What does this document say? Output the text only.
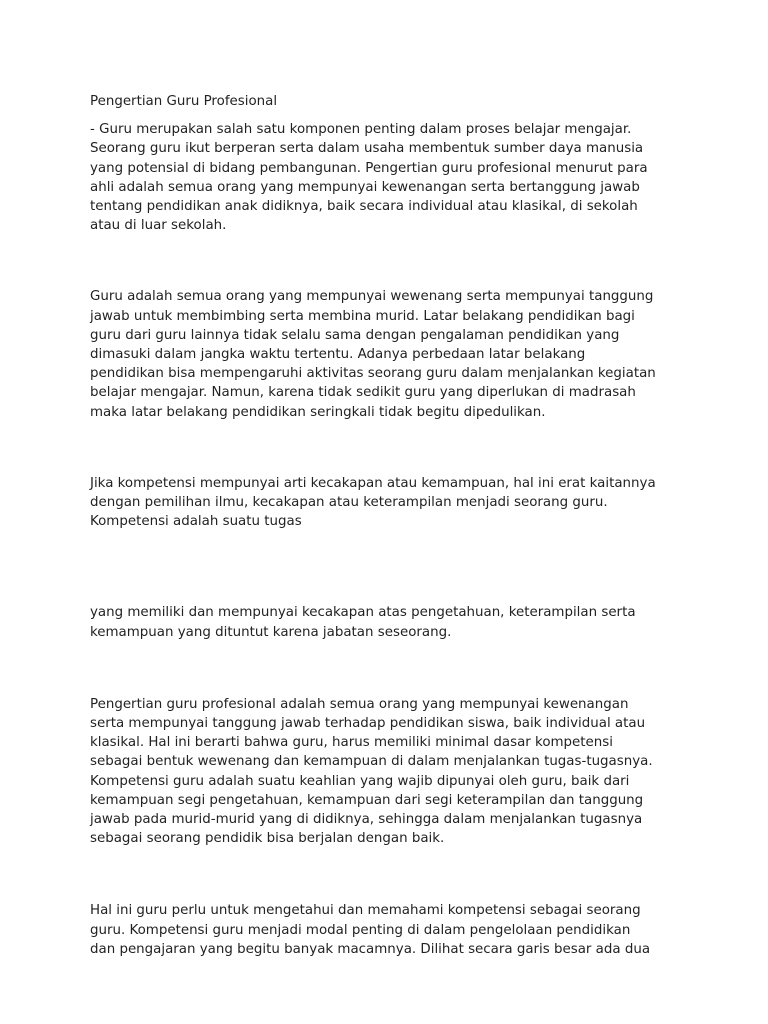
Pengertian Guru Profesional

- Guru merupakan salah satu komponen penting dalam proses belajar mengajar.
Seorang guru ikut berperan serta dalam usaha membentuk sumber daya manusia
yang potensial di bidang pembangunan. Pengertian guru profesional menurut para
ahli adalah semua orang yang mempunyai kewenangan serta bertanggung jawab
tentang pendidikan anak didiknya, baik secara individual atau klasikal, di sekolah
atau di luar sekolah.

Guru adalah semua orang yang mempunyai wewenang serta mempunyai tanggung
jawab untuk membimbing serta membina murid. Latar belakang pendidikan bagi
guru dari guru lainnya tidak selalu sama dengan pengalaman pendidikan yang
dimasuki dalam jangka waktu tertentu. Adanya perbedaan latar belakang
pendidikan bisa mempengaruhi aktivitas seorang guru dalam menjalankan kegiatan
belajar mengajar. Namun, karena tidak sedikit guru yang diperlukan di madrasah
maka latar belakang pendidikan seringkali tidak begitu dipedulikan.

Jika kompetensi mempunyai arti kecakapan atau kemampuan, hal ini erat kaitannya
dengan pemilihan ilmu, kecakapan atau keterampilan menjadi seorang guru.
Kompetensi adalah suatu tugas

yang memiliki dan mempunyai kecakapan atas pengetahuan, keterampilan serta
kemampuan yang dituntut karena jabatan seseorang.

Pengertian guru profesional adalah semua orang yang mempunyai kewenangan
serta mempunyai tanggung jawab terhadap pendidikan siswa, baik individual atau
klasikal. Hal ini berarti bahwa guru, harus memiliki minimal dasar kompetensi
sebagai bentuk wewenang dan kemampuan di dalam menjalankan tugas-tugasnya.
Kompetensi guru adalah suatu keahlian yang wajib dipunyai oleh guru, baik dari
kemampuan segi pengetahuan, kemampuan dari segi keterampilan dan tanggung
jawab pada murid-murid yang di didiknya, sehingga dalam menjalankan tugasnya
sebagai seorang pendidik bisa berjalan dengan baik.

Hal ini guru perlu untuk mengetahui dan memahami kompetensi sebagai seorang
guru. Kompetensi guru menjadi modal penting di dalam pengelolaan pendidikan
dan pengajaran yang begitu banyak macamnya. Dilihat secara garis besar ada dua
